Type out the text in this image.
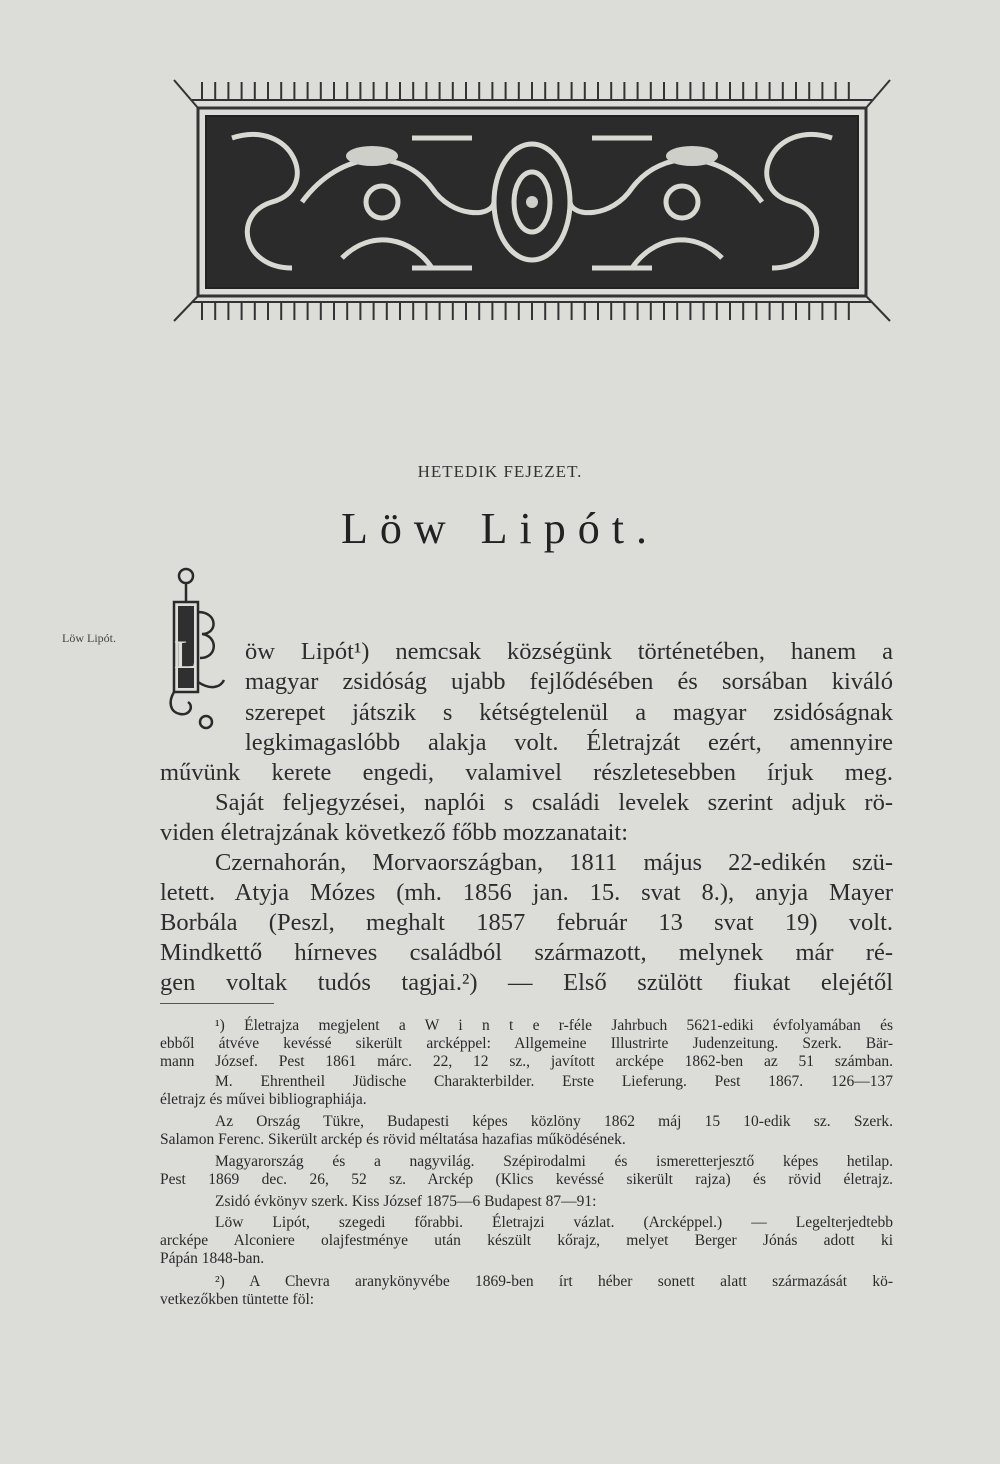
HETEDIK FEJEZET.
Löw Lipót.
Löw Lipót. L öw Lipót¹) nemcsak községünk történetében, hanem a
magyar zsidóság ujabb fejlődésében és sorsában kiváló
szerepet játszik s kétségtelenül a magyar zsidóságnak
legkimagaslóbb alakja volt. Életrajzát ezért, amennyire
művünk kerete engedi, valamivel részletesebben írjuk meg.
Saját feljegyzései, naplói s családi levelek szerint adjuk rö-
viden életrajzának következő főbb mozzanatait:
Czernahorán, Morvaországban, 1811 május 22-edikén szü-
letett. Atyja Mózes (mh. 1856 jan. 15. svat 8.), anyja Mayer
Borbála (Peszl, meghalt 1857 február 13 svat 19) volt.
Mindkettő hírneves családból származott, melynek már ré-
gen voltak tudós tagjai.²) — Első szülött fiukat elejétől
¹) Életrajza megjelent a W i n t e r-féle Jahrbuch 5621-ediki évfolyamában és
ebből átvéve kevéssé sikerült arcképpel: Allgemeine Illustrirte Judenzeitung. Szerk. Bär-
mann József. Pest 1861 márc. 22, 12 sz., javított arcképe 1862-ben az 51 számban.
M. Ehrentheil Jüdische Charakterbilder. Erste Lieferung. Pest 1867. 126—137
életrajz és művei bibliographiája.
Az Ország Tükre, Budapesti képes közlöny 1862 máj 15 10-edik sz. Szerk.
Salamon Ferenc. Sikerült arckép és rövid méltatása hazafias működésének.
Magyarország és a nagyvilág. Szépirodalmi és ismeretterjesztő képes hetilap.
Pest 1869 dec. 26, 52 sz. Arckép (Klics kevéssé sikerült rajza) és rövid életrajz.
Zsidó évkönyv szerk. Kiss József 1875—6 Budapest 87—91:
Löw Lipót, szegedi főrabbi. Életrajzi vázlat. (Arcképpel.) — Legelterjedtebb
arcképe Alconiere olajfestménye után készült kőrajz, melyet Berger Jónás adott ki
Pápán 1848-ban.
²) A Chevra aranykönyvébe 1869-ben írt héber sonett alatt származását kö-
vetkezőkben tüntette föl:
